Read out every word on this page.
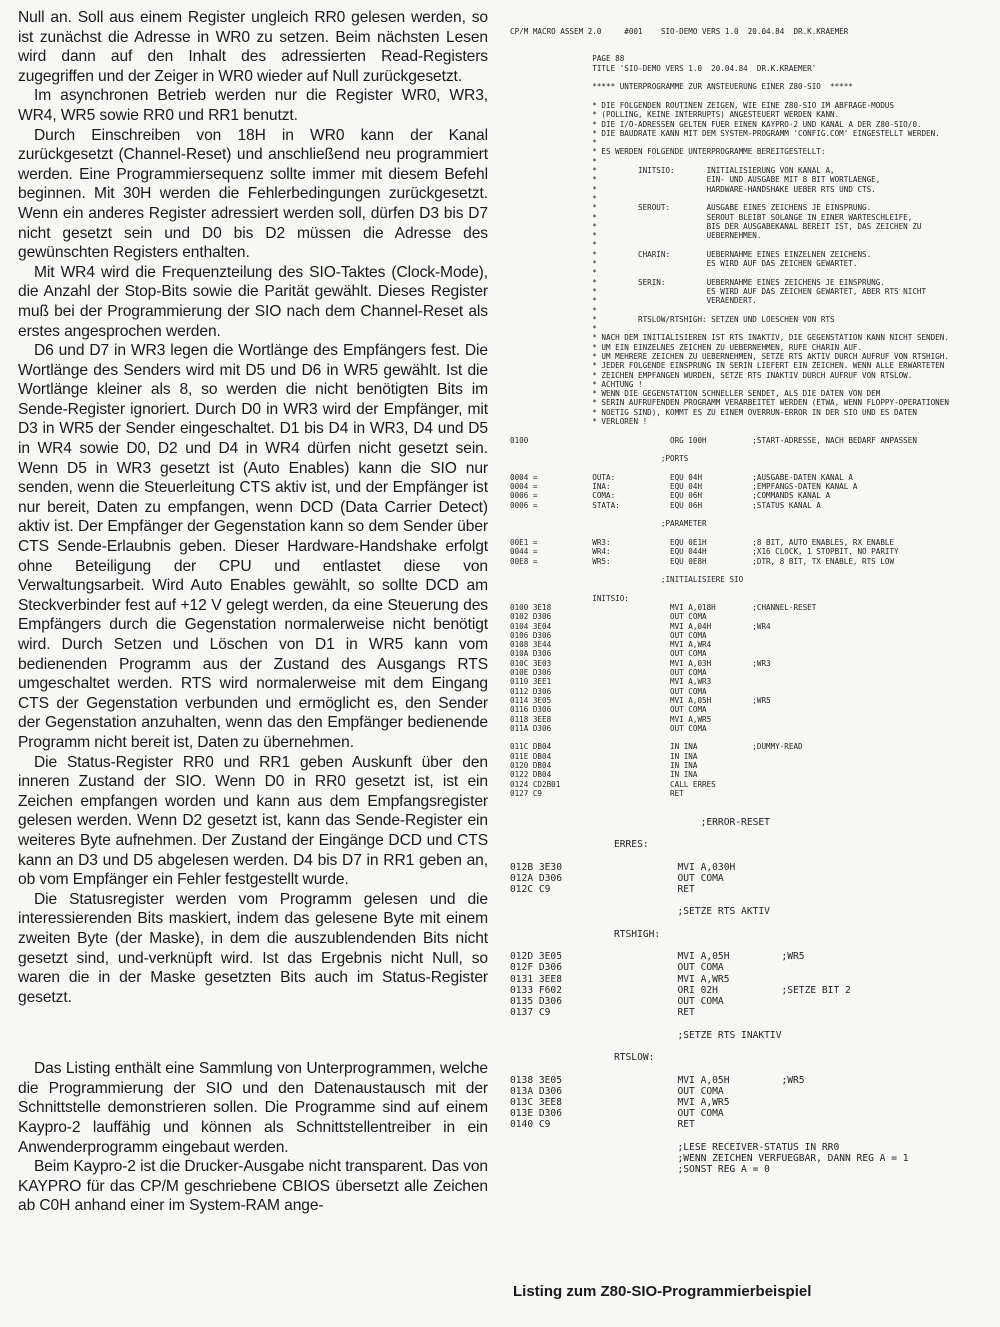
Null an. Soll aus einem Register ungleich RR0 gelesen werden, so ist zunächst die Adresse in WR0 zu setzen. Beim nächsten Lesen wird dann auf den Inhalt des adressierten Read-Registers zugegriffen und der Zeiger in WR0 wieder auf Null zurückgesetzt.

Im asynchronen Betrieb werden nur die Register WR0, WR3, WR4, WR5 sowie RR0 und RR1 benutzt.

Durch Einschreiben von 18H in WR0 kann der Kanal zurückgesetzt (Channel-Reset) und anschließend neu programmiert werden. Eine Programmiersequenz sollte immer mit diesem Befehl beginnen. Mit 30H werden die Fehlerbedingungen zurückgesetzt. Wenn ein anderes Register adressiert werden soll, dürfen D3 bis D7 nicht gesetzt sein und D0 bis D2 müssen die Adresse des gewünschten Registers enthalten.

Mit WR4 wird die Frequenzteilung des SIO-Taktes (Clock-Mode), die Anzahl der Stop-Bits sowie die Parität gewählt. Dieses Register muß bei der Programmierung der SIO nach dem Channel-Reset als erstes angesprochen werden.

D6 und D7 in WR3 legen die Wortlänge des Empfängers fest. Die Wortlänge des Senders wird mit D5 und D6 in WR5 gewählt. Ist die Wortlänge kleiner als 8, so werden die nicht benötigten Bits im Sende-Register ignoriert. Durch D0 in WR3 wird der Empfänger, mit D3 in WR5 der Sender eingeschaltet. D1 bis D4 in WR3, D4 und D5 in WR4 sowie D0, D2 und D4 in WR4 dürfen nicht gesetzt sein. Wenn D5 in WR3 gesetzt ist (Auto Enables) kann die SIO nur senden, wenn die Steuerleitung CTS aktiv ist, und der Empfänger ist nur bereit, Daten zu empfangen, wenn DCD (Data Carrier Detect) aktiv ist. Der Empfänger der Gegenstation kann so dem Sender über CTS Sende-Erlaubnis geben. Dieser Hardware-Handshake erfolgt ohne Beteiligung der CPU und entlastet diese von Verwaltungsarbeit. Wird Auto Enables gewählt, so sollte DCD am Steckverbinder fest auf +12 V gelegt werden, da eine Steuerung des Empfängers durch die Gegenstation normalerweise nicht benötigt wird. Durch Setzen und Löschen von D1 in WR5 kann vom bedienenden Programm aus der Zustand des Ausgangs RTS umgeschaltet werden. RTS wird normalerweise mit dem Eingang CTS der Gegenstation verbunden und ermöglicht es, den Sender der Gegenstation anzuhalten, wenn das den Empfänger bedienende Programm nicht bereit ist, Daten zu übernehmen.

Die Status-Register RR0 und RR1 geben Auskunft über den inneren Zustand der SIO. Wenn D0 in RR0 gesetzt ist, ist ein Zeichen empfangen worden und kann aus dem Empfangsregister gelesen werden. Wenn D2 gesetzt ist, kann das Sende-Register ein weiteres Byte aufnehmen. Der Zustand der Eingänge DCD und CTS kann an D3 und D5 abgelesen werden. D4 bis D7 in RR1 geben an, ob vom Empfänger ein Fehler festgestellt wurde.

Die Statusregister werden vom Programm gelesen und die interessierenden Bits maskiert, indem das gelesene Byte mit einem zweiten Byte (der Maske), in dem die auszublendenden Bits nicht gesetzt sind, und-verknüpft wird. Ist das Ergebnis nicht Null, so waren die in der Maske gesetzten Bits auch im Status-Register gesetzt.

Das Listing enthält eine Sammlung von Unterprogrammen, welche die Programmierung der SIO und den Datenaustausch mit der Schnittstelle demonstrieren sollen. Die Programme sind auf einem Kaypro-2 lauffähig und können als Schnittstellentreiber in ein Anwenderprogramm eingebaut werden.

Beim Kaypro-2 ist die Drucker-Ausgabe nicht transparent. Das von KAYPRO für das CP/M geschriebene CBIOS übersetzt alle Zeichen ab C0H anhand einer im System-RAM ange-

CP/M MACRO ASSEM 2.0     #001    SIO-DEMO VERS 1.0  20.04.84  DR.K.KRAEMER

PAGE 88
TITLE 'SIO-DEMO VERS 1.0  20.04.84  DR.K.KRAEMER'

***** UNTERPROGRAMME ZUR ANSTEUERUNG EINER Z80-SIO  *****

* DIE FOLGENDEN ROUTINEN ZEIGEN, WIE EINE Z80-SIO IM ABFRAGE-MODUS
* (POLLING, KEINE INTERRUPTS) ANGESTEUERT WERDEN KANN.
* DIE I/O-ADRESSEN GELTEN FUER EINEN KAYPRO-2 UND KANAL A DER Z80-SIO/0.
* DIE BAUDRATE KANN MIT DEM SYSTEM-PROGRAMM 'CONFIG.COM' EINGESTELLT WERDEN.
*
* ES WERDEN FOLGENDE UNTERPROGRAMME BEREITGESTELLT:
*
*         INITSIO:       INITIALISIERUNG VON KANAL A,
*                        EIN- UND AUSGABE MIT 8 BIT WORTLAENGE,
*                        HARDWARE-HANDSHAKE UEBER RTS UND CTS.
*
*         SEROUT:        AUSGABE EINES ZEICHENS JE EINSPRUNG.
*                        SEROUT BLEIBT SOLANGE IN EINER WARTESCHLEIFE,
*                        BIS DER AUSGABEKANAL BEREIT IST, DAS ZEICHEN ZU
*                        UEBERNEHMEN.
*
*         CHARIN:        UEBERNAHME EINES EINZELNEN ZEICHENS.
*                        ES WIRD AUF DAS ZEICHEN GEWARTET.
*
*         SERIN:         UEBERNAHME EINES ZEICHENS JE EINSPRUNG.
*                        ES WIRD AUF DAS ZEICHEN GEWARTET, ABER RTS NICHT
*                        VERAENDERT.
*
*         RTSLOW/RTSHIGH: SETZEN UND LOESCHEN VON RTS
*
* NACH DEM INITIALISIEREN IST RTS INAKTIV, DIE GEGENSTATION KANN NICHT SENDEN.
* UM EIN EINZELNES ZEICHEN ZU UEBERNEHMEN, RUFE CHARIN AUF.
* UM MEHRERE ZEICHEN ZU UEBERNEHMEN, SETZE RTS AKTIV DURCH AUFRUF VON RTSHIGH.
* JEDER FOLGENDE EINSPRUNG IN SERIN LIEFERT EIN ZEICHEN. WENN ALLE ERWARTETEN
* ZEICHEN EMPFANGEN WURDEN, SETZE RTS INAKTIV DURCH AUFRUF VON RTSLOW.
* ACHTUNG !
* WENN DIE GEGENSTATION SCHNELLER SENDET, ALS DIE DATEN VON DEM
* SERIN AUFRUFENDEN PROGRAMM VERARBEITET WERDEN (ETWA, WENN FLOPPY-OPERATIONEN
* NOETIG SIND), KOMMT ES ZU EINEM OVERRUN-ERROR IN DER SIO UND ES DATEN
* VERLOREN !

0100                               ORG 100H          ;START-ADRESSE, NACH BEDARF ANPASSEN

;PORTS

0004 =            OUTA:            EQU 04H           ;AUSGABE-DATEN KANAL A
0004 =            INA:             EQU 04H           ;EMPFANGS-DATEN KANAL A
0006 =            COMA:            EQU 06H           ;COMMANDS KANAL A
0006 =            STATA:           EQU 06H           ;STATUS KANAL A

;PARAMETER

00E1 =            WR3:             EQU 0E1H          ;8 BIT, AUTO ENABLES, RX ENABLE
0044 =            WR4:             EQU 044H          ;X16 CLOCK, 1 STOPBIT, NO PARITY
00E8 =            WR5:             EQU 0E8H          ;DTR, 8 BIT, TX ENABLE, RTS LOW

;INITIALISIERE SIO

INITSIO:
0100 3E18                          MVI A,018H        ;CHANNEL-RESET
0102 D306                          OUT COMA
0104 3E04                          MVI A,04H         ;WR4
0106 D306                          OUT COMA
0108 3E44                          MVI A,WR4
010A D306                          OUT COMA
010C 3E03                          MVI A,03H         ;WR3
010E D306                          OUT COMA
0110 3EE1                          MVI A,WR3
0112 D306                          OUT COMA
0114 3E05                          MVI A,05H         ;WR5
0116 D306                          OUT COMA
0118 3EE8                          MVI A,WR5
011A D306                          OUT COMA

011C DB04                          IN INA            ;DUMMY-READ
011E DB04                          IN INA
0120 DB04                          IN INA
0122 DB04                          IN INA
0124 CD2B01                        CALL ERRES
0127 C9                            RET

;ERROR-RESET

ERRES:

012B 3E30                    MVI A,030H
012A D306                    OUT COMA
012C C9                      RET

;SETZE RTS AKTIV

RTSHIGH:

012D 3E05                    MVI A,05H         ;WR5
012F D306                    OUT COMA
0131 3EE8                    MVI A,WR5
0133 F602                    ORI 02H           ;SETZE BIT 2
0135 D306                    OUT COMA
0137 C9                      RET

;SETZE RTS INAKTIV

RTSLOW:

0138 3E05                    MVI A,05H         ;WR5
013A D306                    OUT COMA
013C 3EE8                    MVI A,WR5
013E D306                    OUT COMA
0140 C9                      RET

;LESE RECEIVER-STATUS IN RR0
;WENN ZEICHEN VERFUEGBAR, DANN REG A = 1
;SONST REG A = 0

Listing zum Z80-SIO-Programmierbeispiel
